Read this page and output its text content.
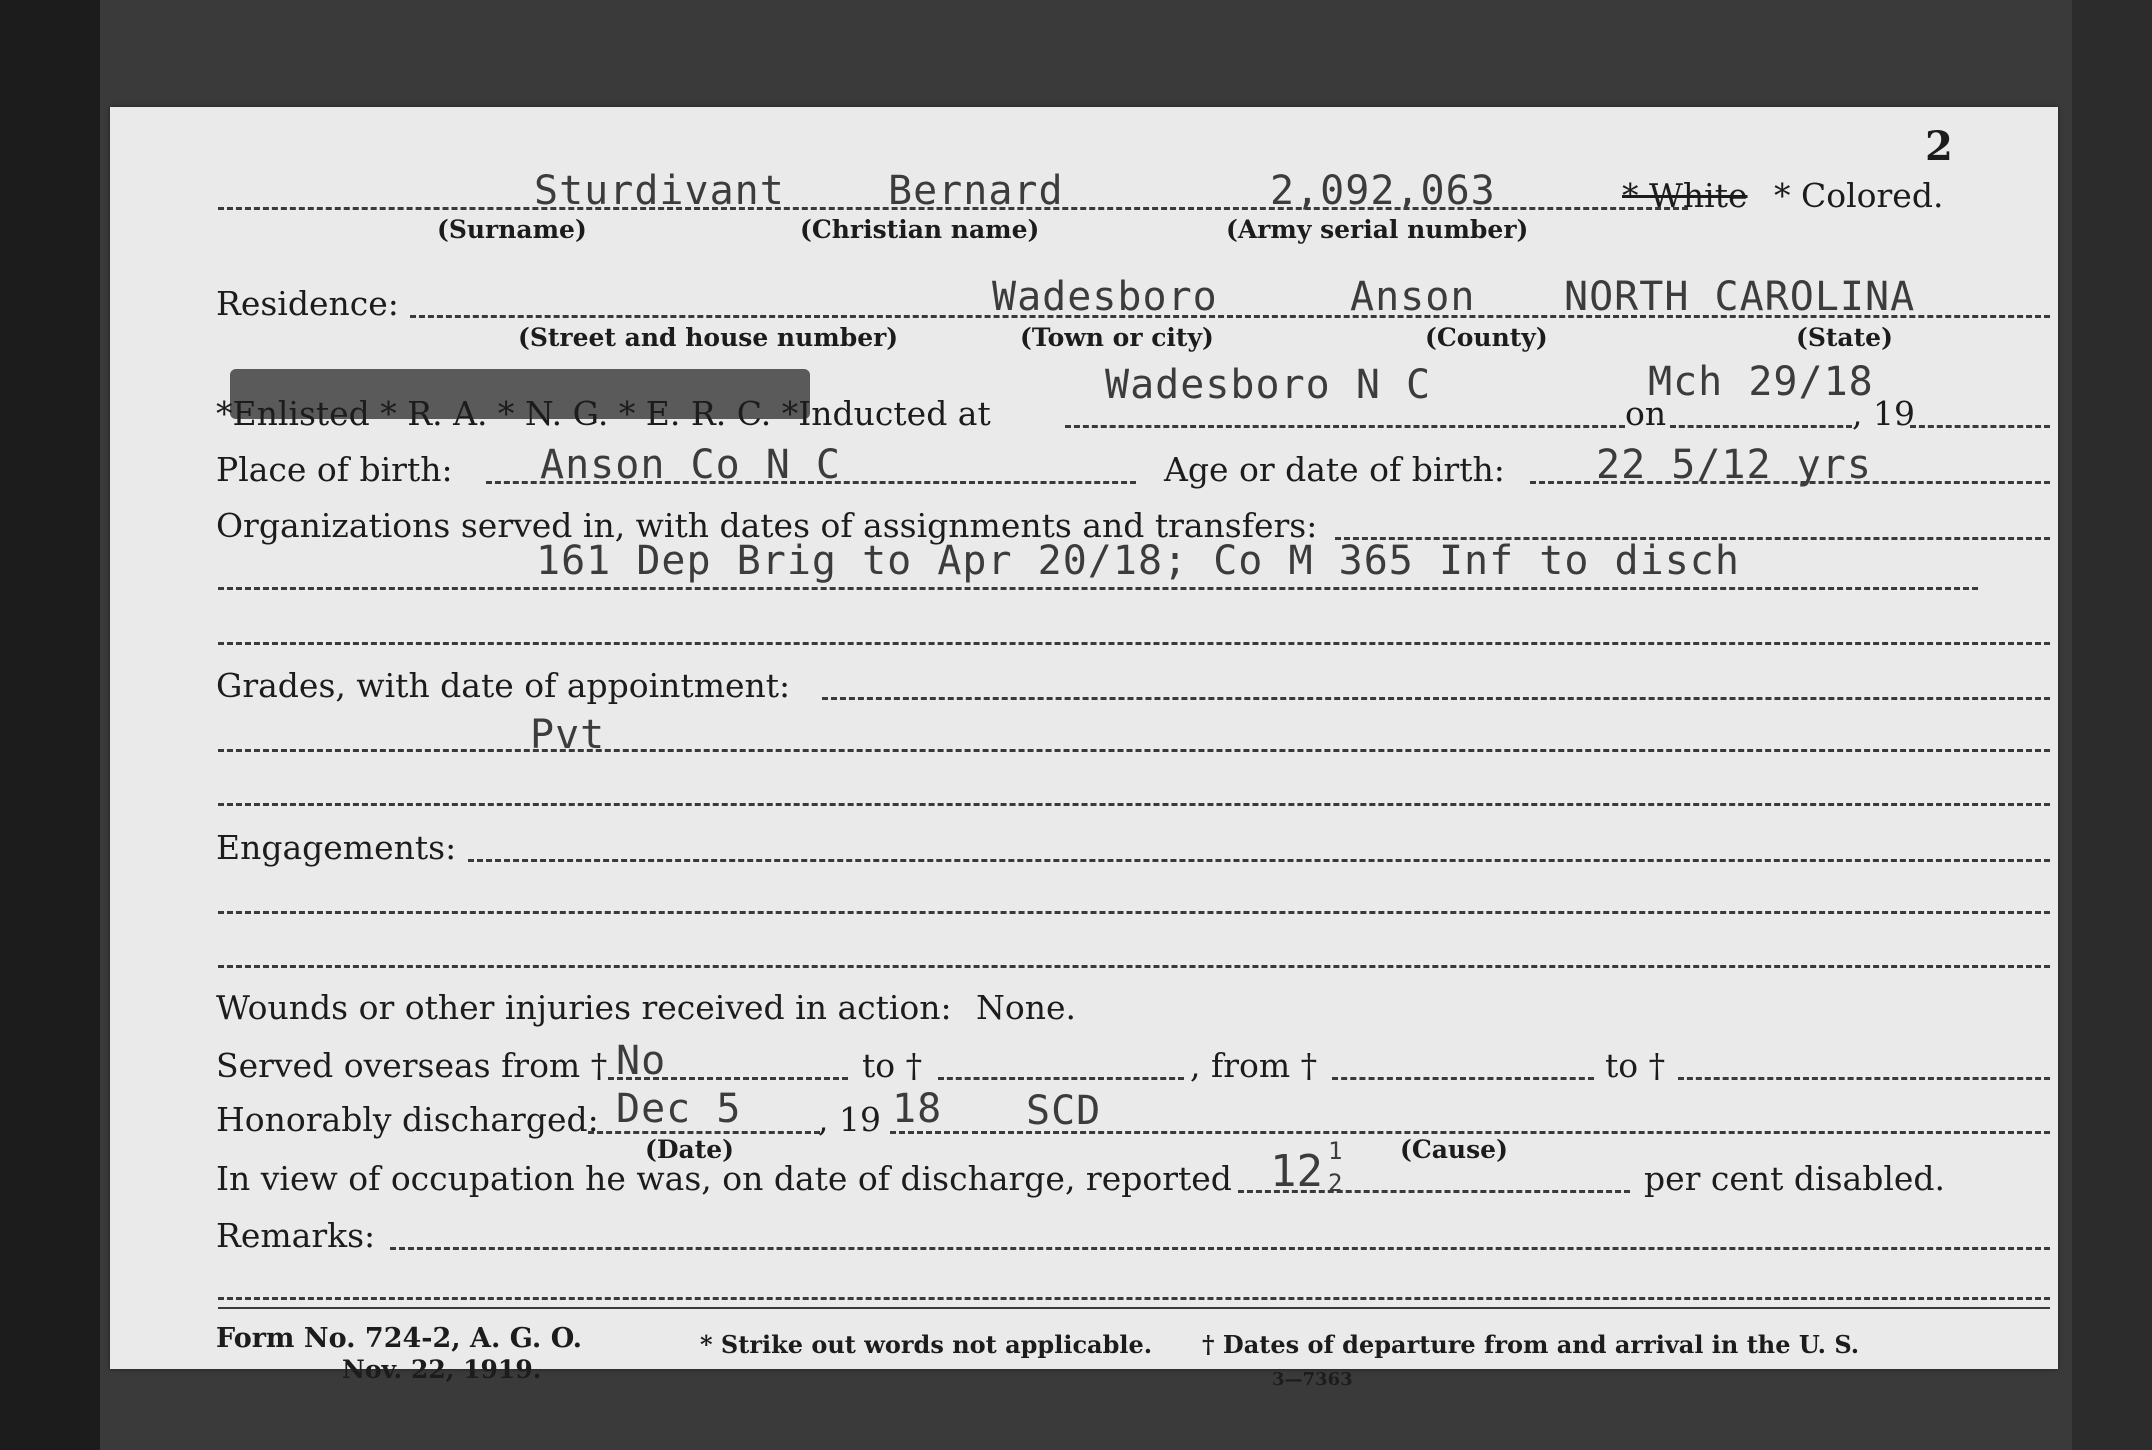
2
Sturdivant	Bernard	2,092,063	* White * Colored.
(Surname)	(Christian name)	(Army serial number)
Residence:	Wadesboro	Anson NORTH CAROLINA
(Street and house number)	(Town or city)	(County)	(State)
*Enlisted * R. A. * N. G. * E. R. C. *Inducted at
Wadesboro N C
on
Mch 29/18
, 19
Place of birth: Anson Co N C	Age or date of birth: 22 5/12 yrs
Organizations served in, with dates of assignments and transfers:
161 Dep Brig to Apr 20/18; Co M 365 Inf to disch
Grades, with date of appointment:
Pvt
Engagements:
Wounds or other injuries received in action: None.
Served overseas from † No	to †	, from †	to †
Honorably discharged: Dec 5 , 19 18 SCD
(Date)	(Cause)
In view of occupation he was, on date of discharge, reported 12 1
2	per cent disabled.
Remarks:
Form No. 724-2, A. G. O.
Nov. 22, 1919.
* Strike out words not applicable. † Dates of departure from and arrival in the U. S.
3—7363
